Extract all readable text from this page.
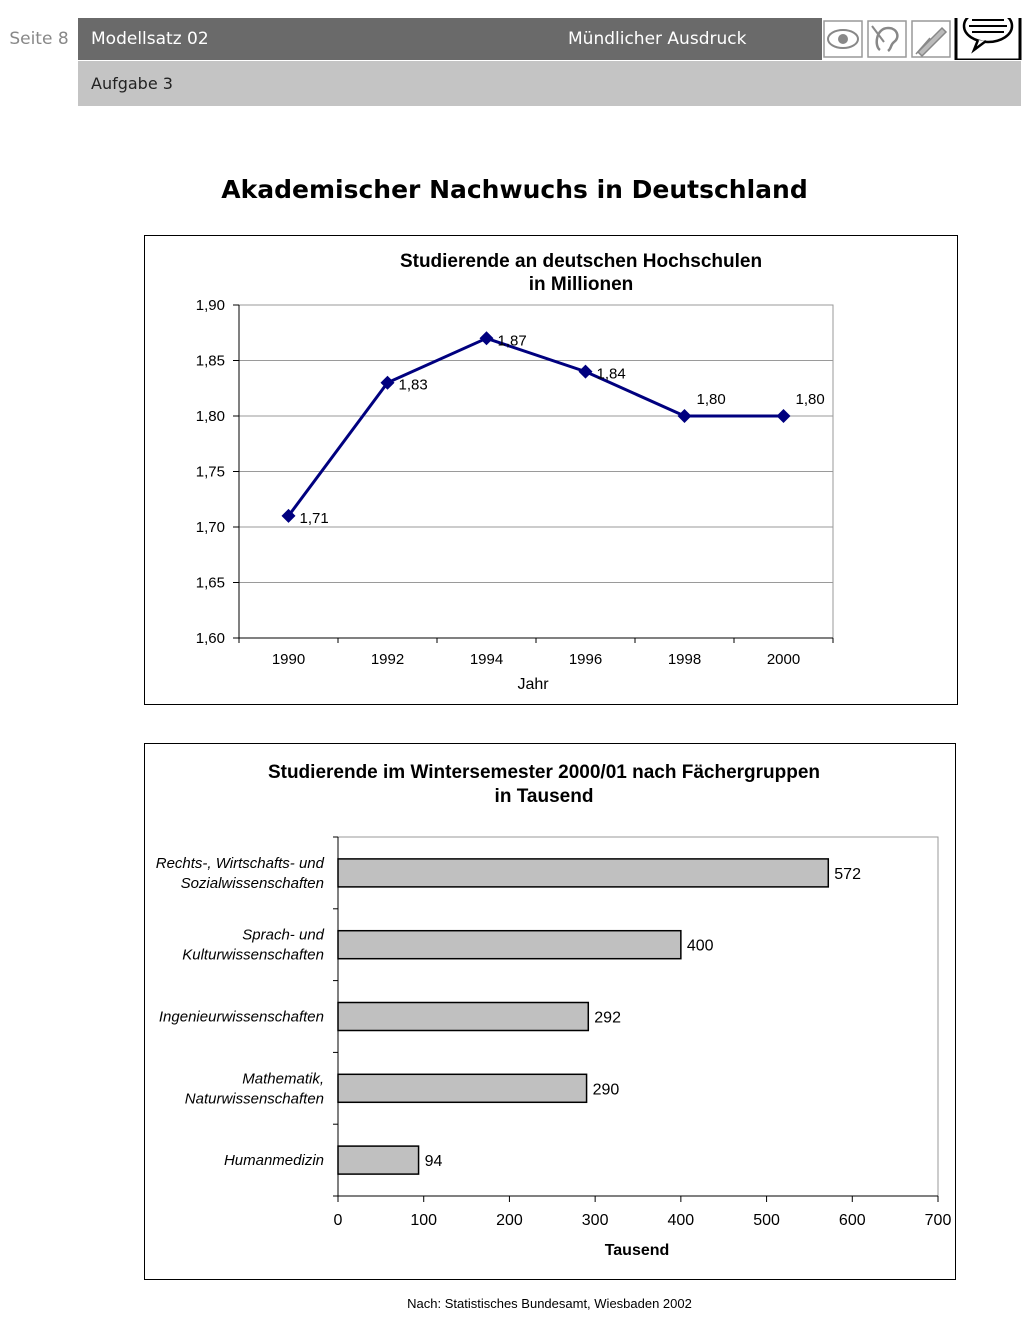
Seite 8	Modellsatz 02	Mündlicher Ausdruck
Aufgabe 3
Akademischer Nachwuchs in Deutschland
Studierende an deutschen Hochschulen
in Millionen
Jahr
1,60
1,65
1,70
1,75
1,80
1,85
1,90
1990	1992	1994	1996	1998	2000
1,71
1,83
1,87
1,84
1,80	1,80
Studierende im Wintersemester 2000/01 nach Fächergruppen
in Tausend
Tausend
0	100	200	300	400	500	600	700
572
Rechts-, Wirtschafts- und Sozialwissenschaften
400
Sprach- und Kulturwissenschaften
292
Ingenieurwissenschaften
290
Mathematik, Naturwissenschaften
94
Humanmedizin
Nach: Statistisches Bundesamt, Wiesbaden 2002
